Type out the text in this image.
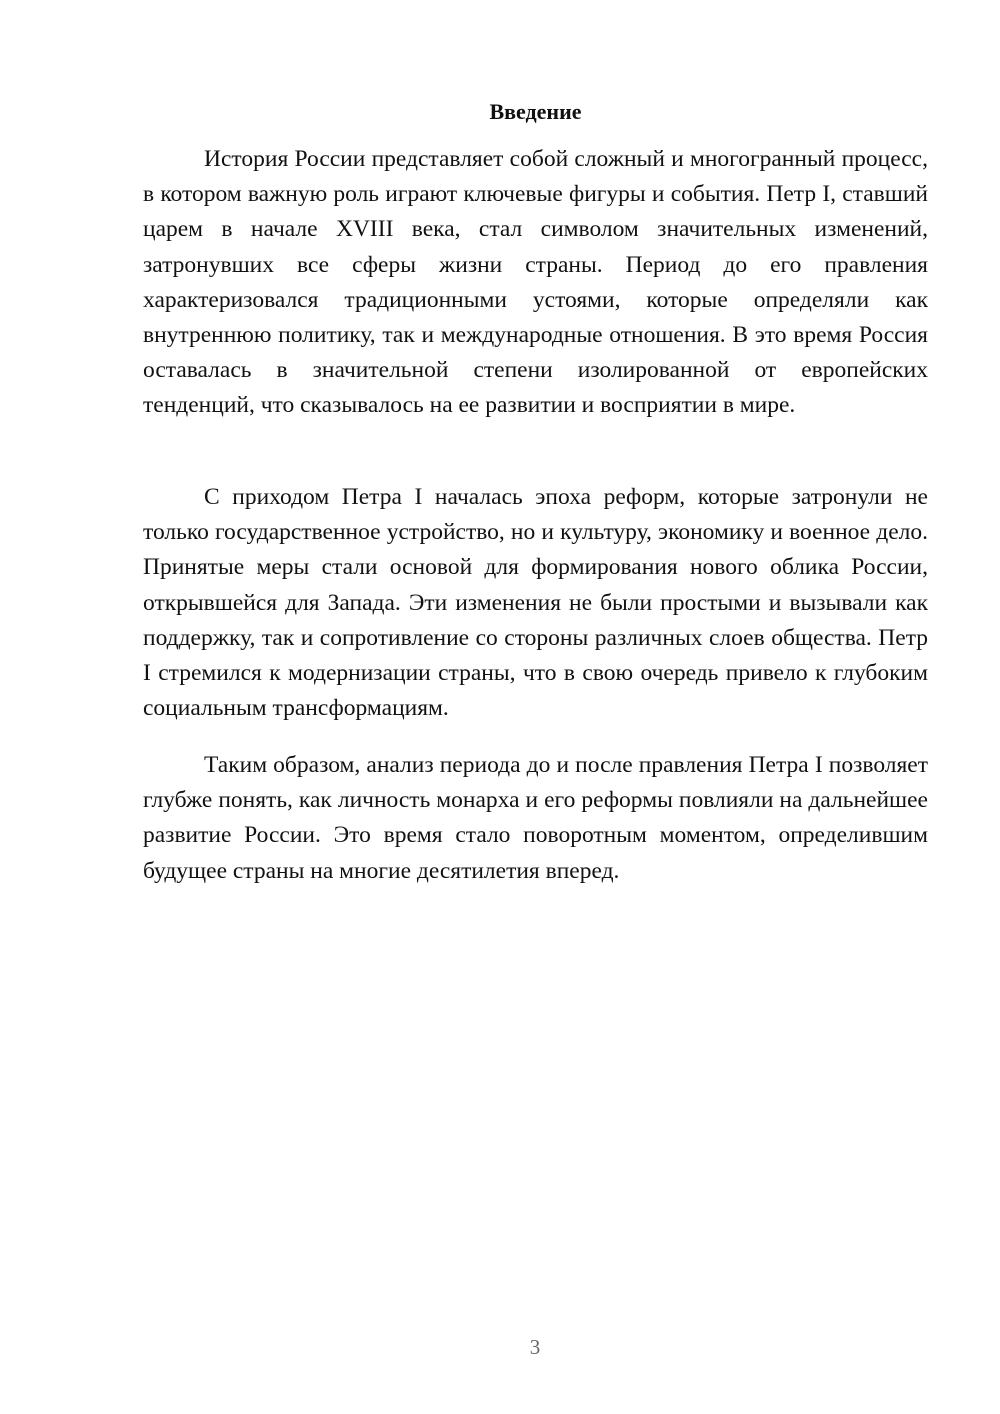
Введение

История России представляет собой сложный и многогранный процесс, в котором важную роль играют ключевые фигуры и события. Петр I, ставший царем в начале XVIII века, стал символом значительных изменений, затронувших все сферы жизни страны. Период до его правления характеризовался традиционными устоями, которые определяли как внутреннюю политику, так и международные отношения. В это время Россия оставалась в значительной степени изолированной от европейских тенденций, что сказывалось на ее развитии и восприятии в мире.

С приходом Петра I началась эпоха реформ, которые затронули не только государственное устройство, но и культуру, экономику и военное дело. Принятые меры стали основой для формирования нового облика России, открывшейся для Запада. Эти изменения не были простыми и вызывали как поддержку, так и сопротивление со стороны различных слоев общества. Петр I стремился к модернизации страны, что в свою очередь привело к глубоким социальным трансформациям.

Таким образом, анализ периода до и после правления Петра I позволяет глубже понять, как личность монарха и его реформы повлияли на дальнейшее развитие России. Это время стало поворотным моментом, определившим будущее страны на многие десятилетия вперед.

3
